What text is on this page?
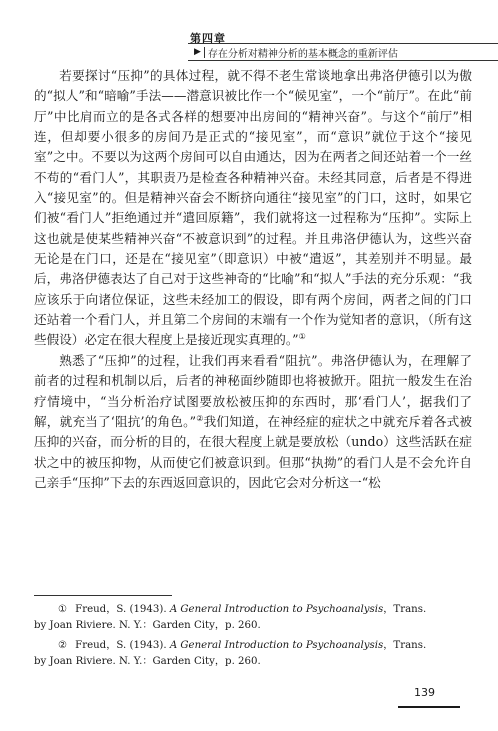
第四章
▶ 存在分析对精神分析的基本概念的重新评估

若要探讨“压抑”的具体过程，就不得不老生常谈地拿出弗洛伊德引以为傲的“拟人”和“暗喻”手法——潜意识被比作一个“候见室”，一个“前厅”。在此“前厅”中比肩而立的是各式各样的想要冲出房间的“精神兴奋”。与这个“前厅”相连，但却要小很多的房间乃是正式的“接见室”，而“意识”就位于这个“接见室”之中。不要以为这两个房间可以自由通达，因为在两者之间还站着一个一丝不苟的“看门人”，其职责乃是检查各种精神兴奋。未经其同意，后者是不得进入“接见室”的。但是精神兴奋会不断挤向通往“接见室”的门口，这时，如果它们被“看门人”拒绝通过并“遣回原籍”，我们就将这一过程称为“压抑”。实际上这也就是使某些精神兴奋“不被意识到”的过程。并且弗洛伊德认为，这些兴奋无论是在门口，还是在“接见室”（即意识）中被“遣返”，其差别并不明显。最后，弗洛伊德表达了自己对于这些神奇的“比喻”和“拟人”手法的充分乐观：“我应该乐于向诸位保证，这些未经加工的假设，即有两个房间，两者之间的门口还站着一个看门人，并且第二个房间的末端有一个作为觉知者的意识，（所有这些假设）必定在很大程度上是接近现实真理的。”①

熟悉了“压抑”的过程，让我们再来看看“阻抗”。弗洛伊德认为，在理解了前者的过程和机制以后，后者的神秘面纱随即也将被掀开。阻抗一般发生在治疗情境中，“当分析治疗试图要放松被压抑的东西时，那‘看门人’，据我们了解，就充当了‘阻抗’的角色。”②我们知道，在神经症的症状之中就充斥着各式被压抑的兴奋，而分析的目的，在很大程度上就是要放松（undo）这些活跃在症状之中的被压抑物，从而使它们被意识到。但那“执拗”的看门人是不会允许自己亲手“压抑”下去的东西返回意识的，因此它会对分析这一“松

① Freud，S. (1943). A General Introduction to Psychoanalysis，Trans.
by Joan Riviere. N. Y.：Garden City，p. 260.
② Freud，S. (1943). A General Introduction to Psychoanalysis，Trans.
by Joan Riviere. N. Y.：Garden City，p. 260.
139
